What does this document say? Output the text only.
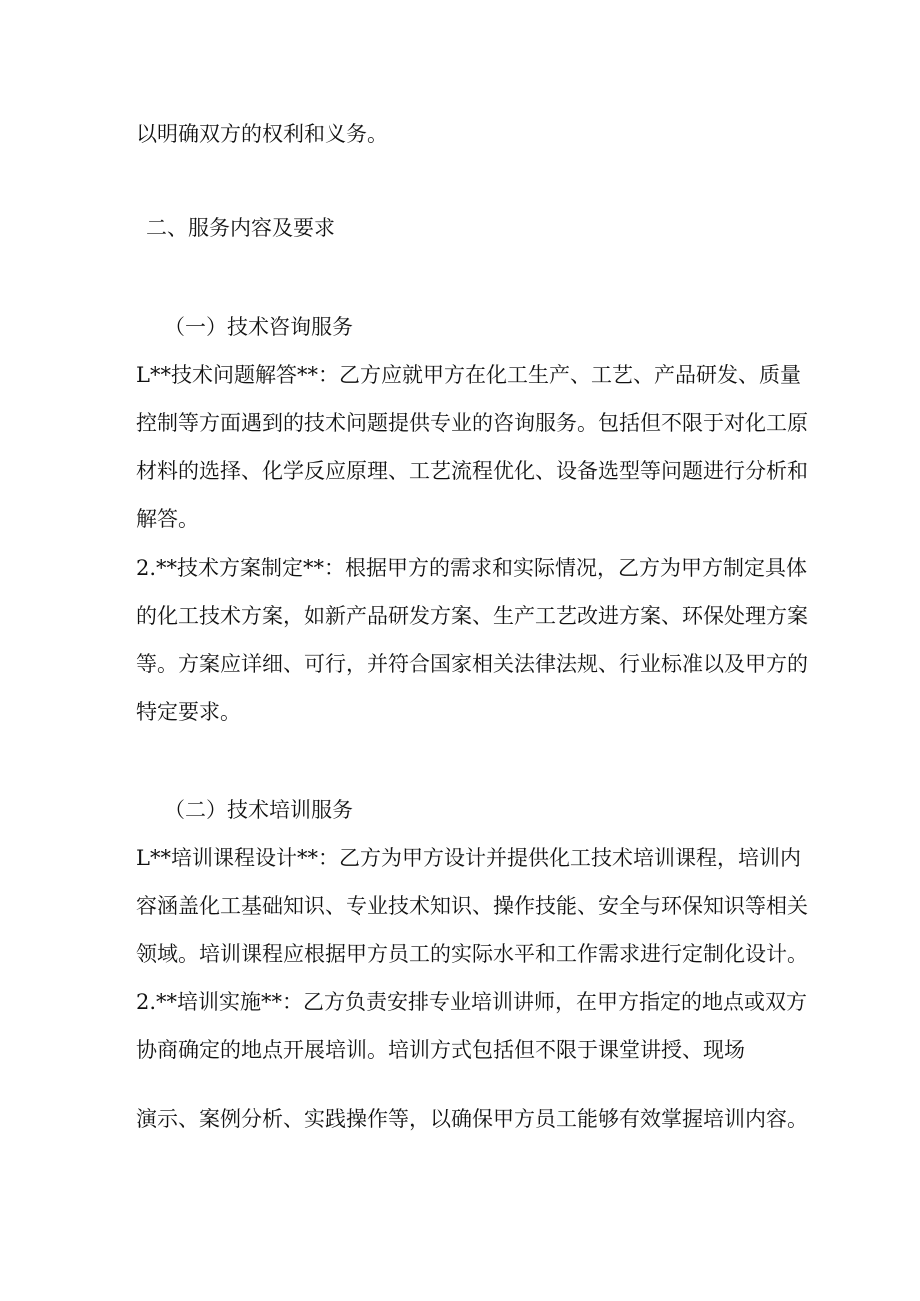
以明确双方的权利和义务。
二、服务内容及要求
（一）技术咨询服务
L**技术问题解答**：乙方应就甲方在化工生产、工艺、产品研发、质量
控制等方面遇到的技术问题提供专业的咨询服务。包括但不限于对化工原
材料的选择、化学反应原理、工艺流程优化、设备选型等问题进行分析和
解答。
2.**技术方案制定**：根据甲方的需求和实际情况，乙方为甲方制定具体
的化工技术方案，如新产品研发方案、生产工艺改进方案、环保处理方案
等。方案应详细、可行，并符合国家相关法律法规、行业标准以及甲方的
特定要求。
（二）技术培训服务
L**培训课程设计**：乙方为甲方设计并提供化工技术培训课程，培训内
容涵盖化工基础知识、专业技术知识、操作技能、安全与环保知识等相关
领域。培训课程应根据甲方员工的实际水平和工作需求进行定制化设计。
2.**培训实施**：乙方负责安排专业培训讲师，在甲方指定的地点或双方
协商确定的地点开展培训。培训方式包括但不限于课堂讲授、现场
演示、案例分析、实践操作等，以确保甲方员工能够有效掌握培训内容。
